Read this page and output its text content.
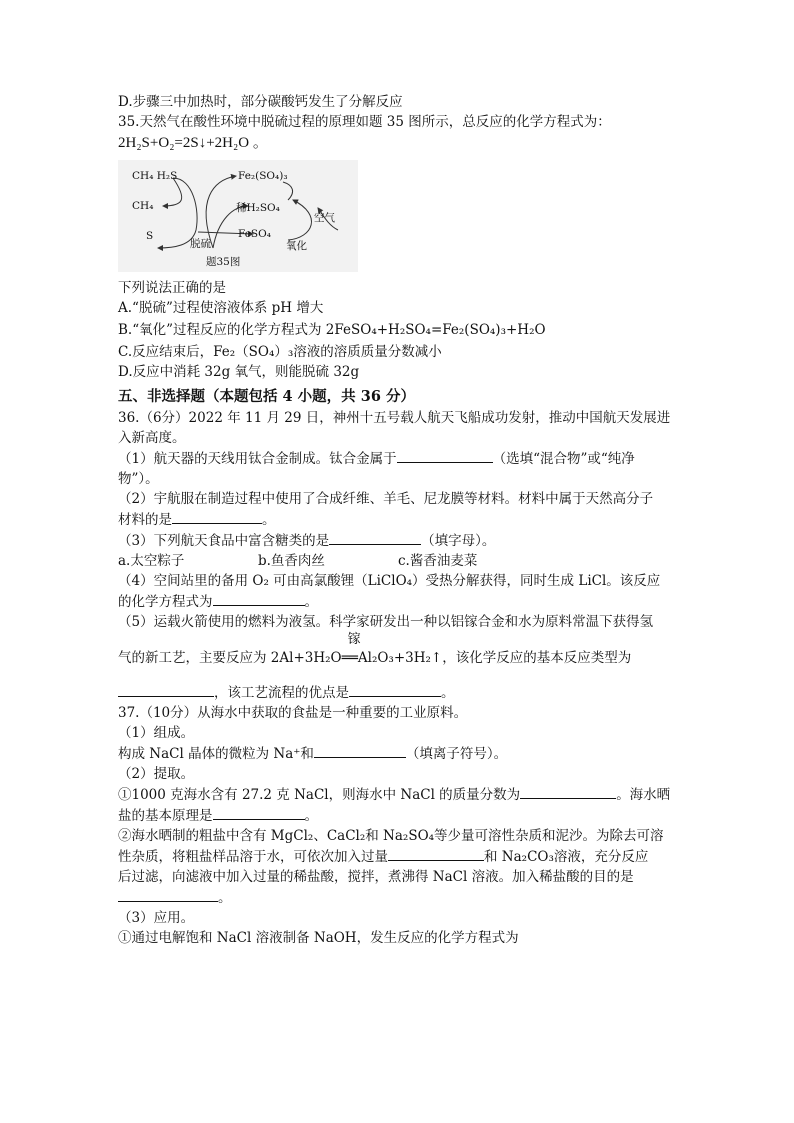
D.步骤三中加热时，部分碳酸钙发生了分解反应
35.天然气在酸性环境中脱硫过程的原理如题 35 图所示，总反应的化学方程式为：
2H₂S+O₂=2S↓+2H₂O 。
CH₄ H₂S	Fe₂(SO₄)₃
CH₄	稀H₂SO₄
空气
S
脱硫
FeSO₄
氧化
题35图
下列说法正确的是
A.“脱硫”过程使溶液体系 pH 增大
B.“氧化”过程反应的化学方程式为 2FeSO₄+H₂SO₄=Fe₂(SO₄)₃+H₂O
C.反应结束后，Fe₂（SO₄）₃溶液的溶质质量分数减小
D.反应中消耗 32g 氧气，则能脱硫 32g
五、非选择题（本题包括 4 小题，共 36 分）
36.（6分）2022 年 11 月 29 日，神州十五号载人航天飞船成功发射，推动中国航天发展进
入新高度。
（1）航天器的天线用钛合金制成。钛合金属于	（选填“混合物”或“纯净
物”）。
（2）宇航服在制造过程中使用了合成纤维、羊毛、尼龙膜等材料。材料中属于天然高分子
材料的是	。
（3）下列航天食品中富含糖类的是	（填字母）。
a.太空粽子	b.鱼香肉丝	c.酱香油麦菜
（4）空间站里的备用 O₂ 可由高氯酸锂（LiClO₄）受热分解获得，同时生成 LiCl。该反应
的化学方程式为	。
（5）运载火箭使用的燃料为液氢。科学家研发出一种以铝镓合金和水为原料常温下获得氢
气的新工艺，主要反应为 2Al+3H₂O
镓
══Al₂O₃+3H₂↑，该化学反应的基本反应类型为
，该工艺流程的优点是	。
37.（10分）从海水中获取的食盐是一种重要的工业原料。
（1）组成。
构成 NaCl 晶体的微粒为 Na⁺和	（填离子符号）。
（2）提取。
①1000 克海水含有 27.2 克 NaCl，则海水中 NaCl 的质量分数为	。海水晒
盐的基本原理是	。
②海水晒制的粗盐中含有 MgCl₂、CaCl₂和 Na₂SO₄等少量可溶性杂质和泥沙。为除去可溶
性杂质，将粗盐样品溶于水，可依次加入过量	和 Na₂CO₃溶液，充分反应
后过滤，向滤液中加入过量的稀盐酸，搅拌，煮沸得 NaCl 溶液。加入稀盐酸的目的是
。
（3）应用。
①通过电解饱和 NaCl 溶液制备 NaOH，发生反应的化学方程式为
